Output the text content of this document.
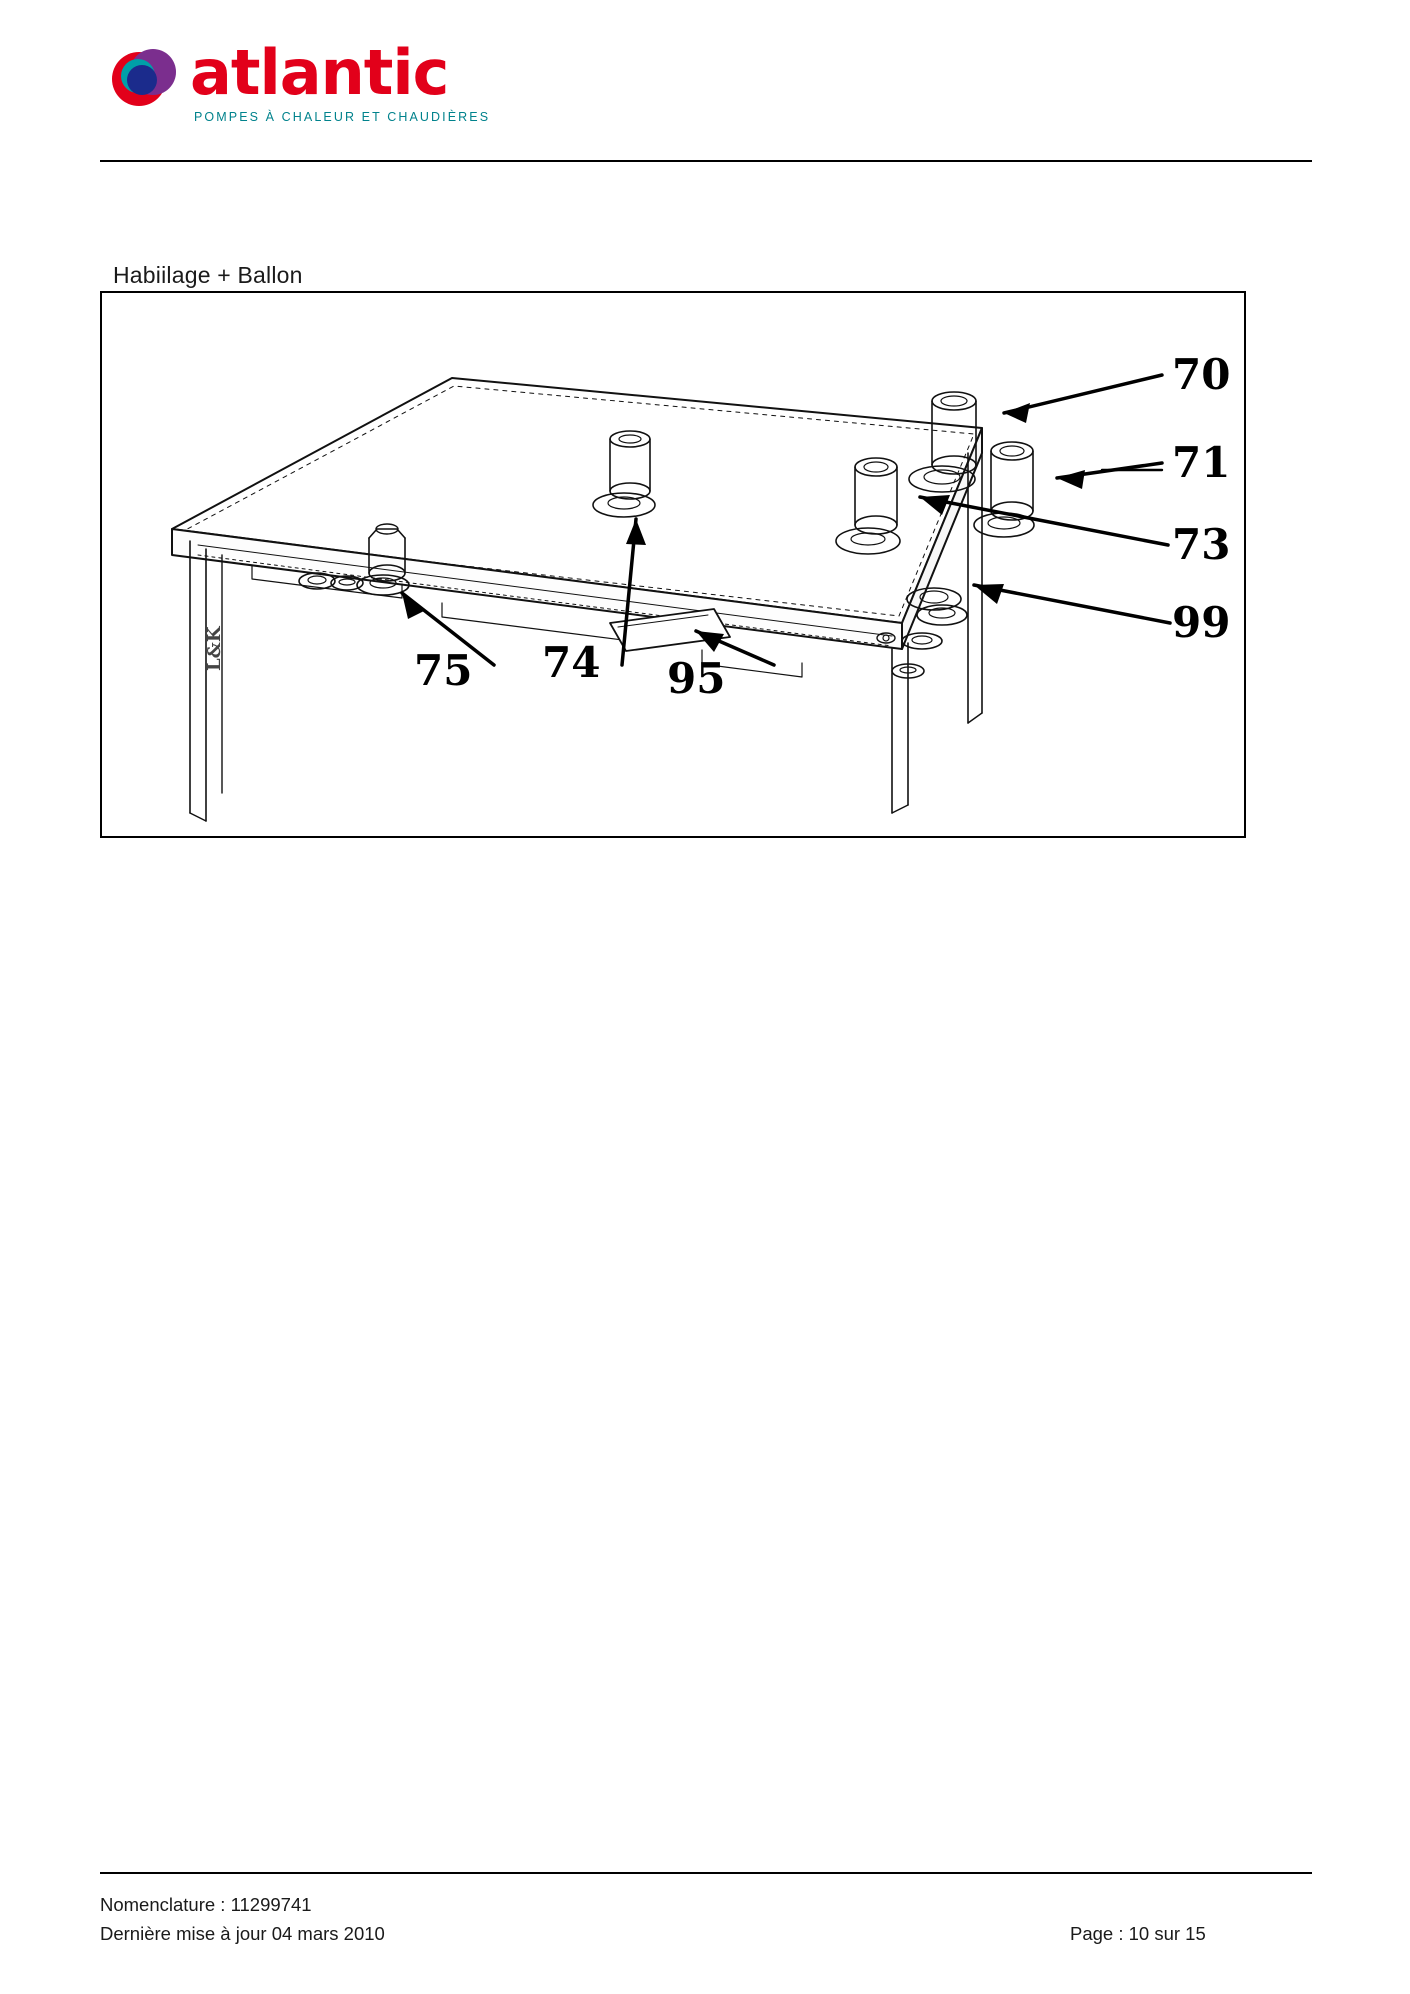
atlantic
POMPES À CHALEUR ET CHAUDIÈRES
Habiilage + Ballon
70
71
73
99
75 74 95
L&K
Nomenclature : 11299741
Dernière mise à jour 04 mars 2010	Page : 10 sur 15
